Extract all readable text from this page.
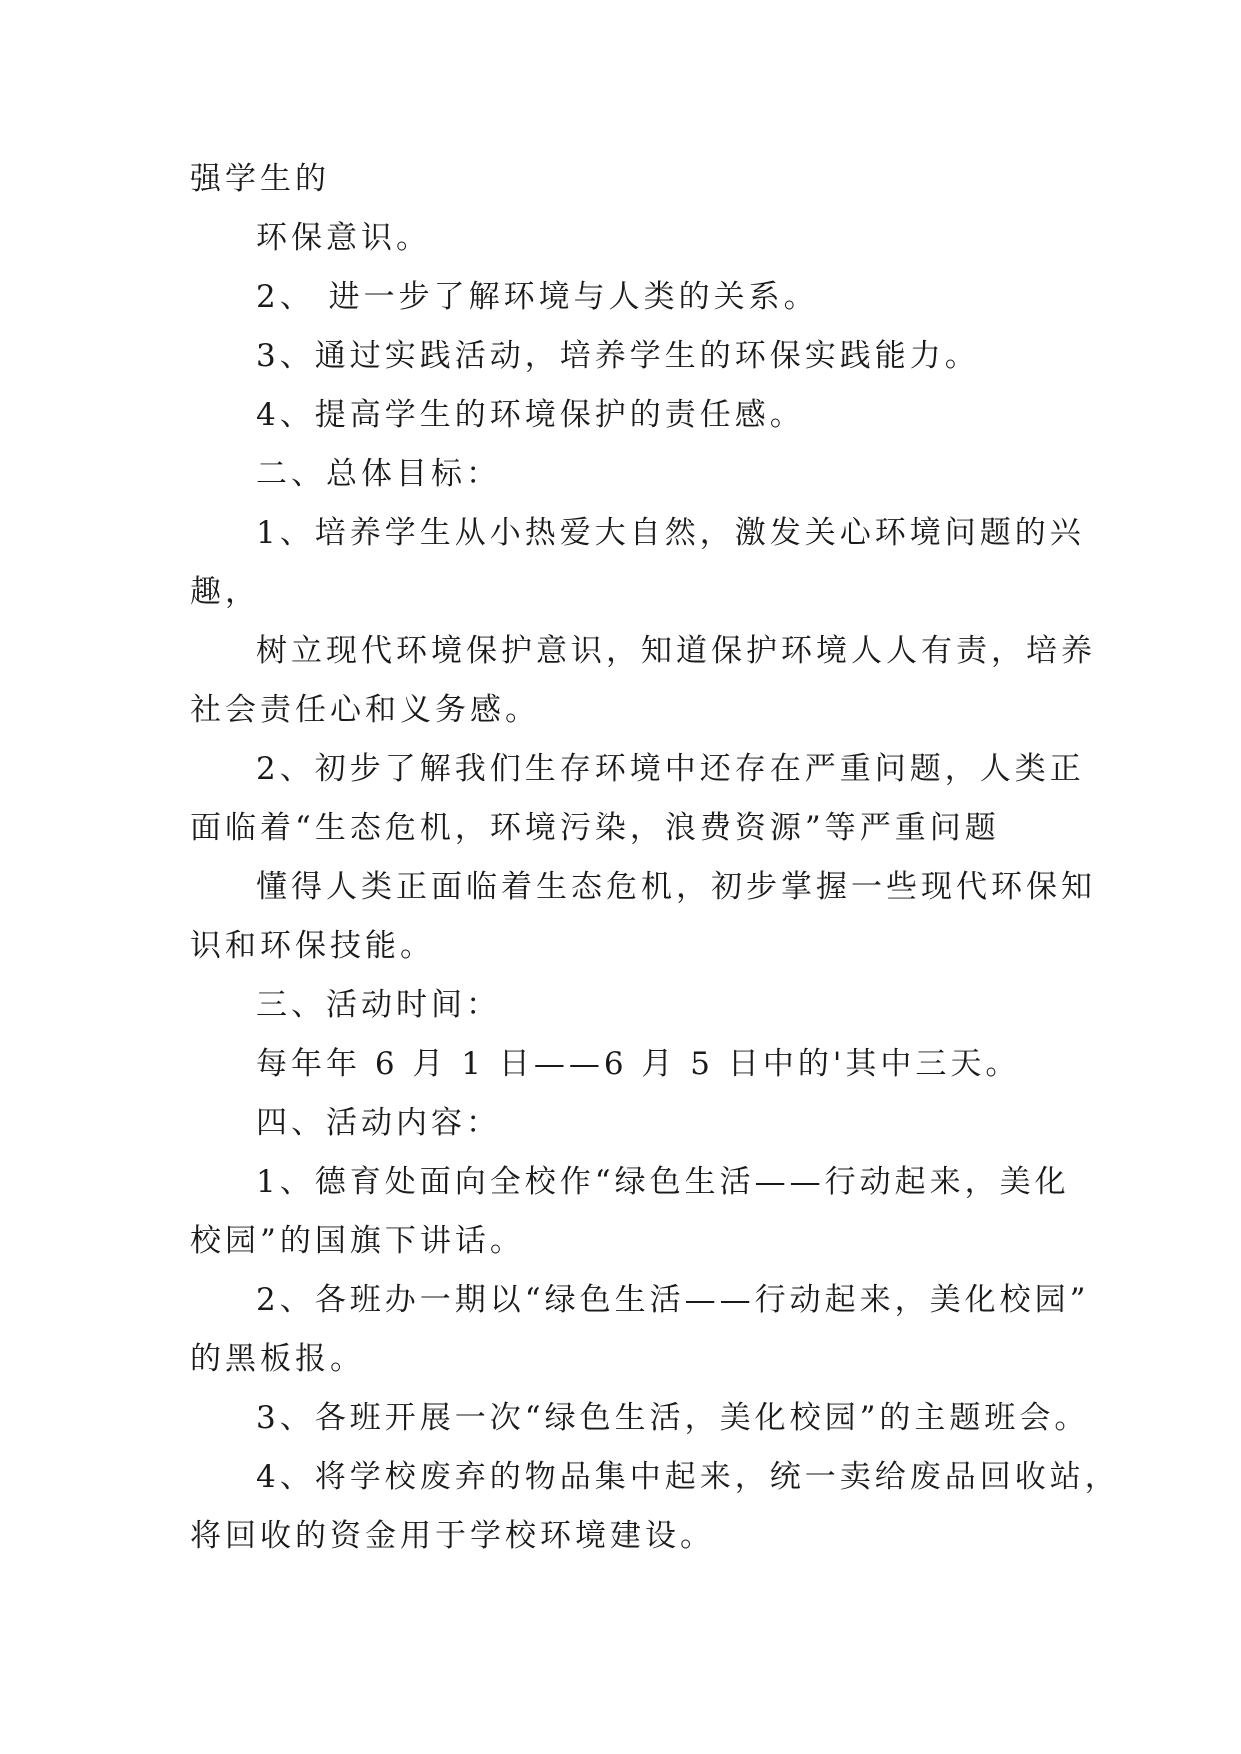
强学生的
环保意识。
2、 进一步了解环境与人类的关系。
3、通过实践活动，培养学生的环保实践能力。
4、提高学生的环境保护的责任感。
二、总体目标：
1、培养学生从小热爱大自然，激发关心环境问题的兴
趣，
树立现代环境保护意识，知道保护环境人人有责，培养
社会责任心和义务感。
2、初步了解我们生存环境中还存在严重问题，人类正
面临着“生态危机，环境污染，浪费资源”等严重问题
懂得人类正面临着生态危机，初步掌握一些现代环保知
识和环保技能。
三、活动时间：
每年年 6 月 1 日——6 月 5 日中的'其中三天。
四、活动内容：
1、德育处面向全校作“绿色生活——行动起来，美化
校园”的国旗下讲话。
2、各班办一期以“绿色生活——行动起来，美化校园”
的黑板报。
3、各班开展一次“绿色生活，美化校园”的主题班会。
4、将学校废弃的物品集中起来，统一卖给废品回收站，
将回收的资金用于学校环境建设。
